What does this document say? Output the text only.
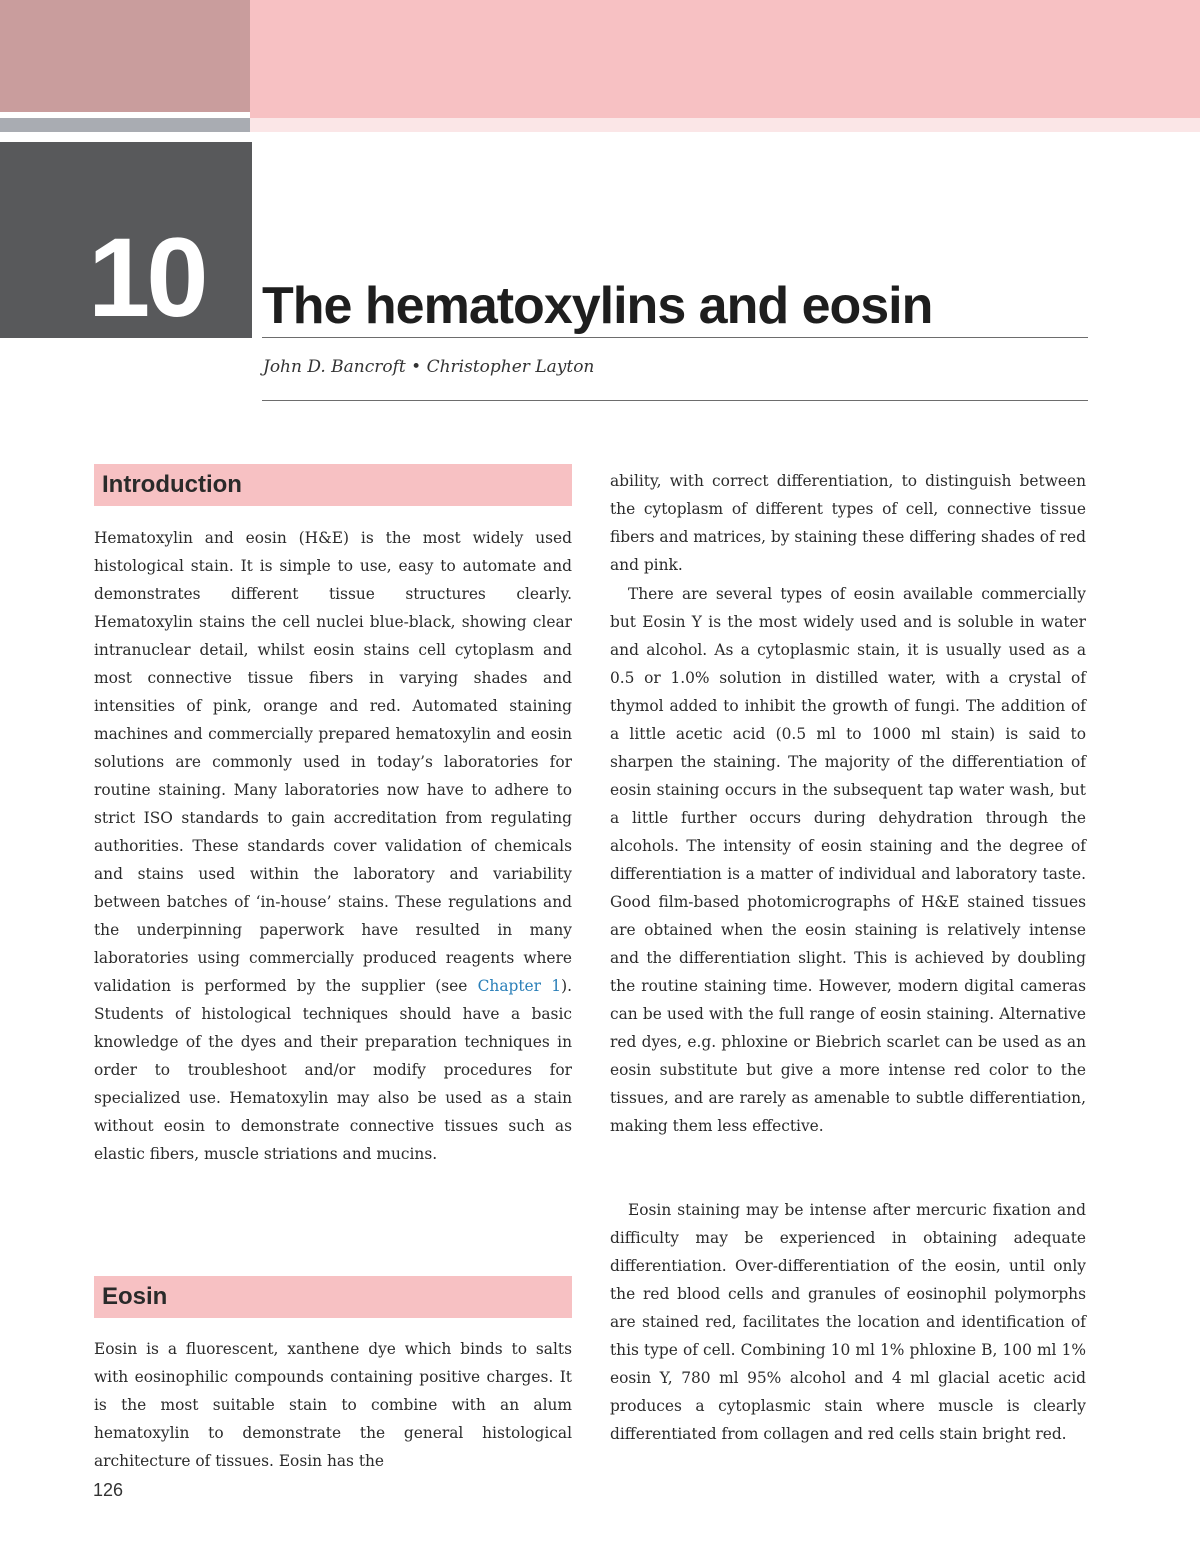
10	The hematoxylins and eosin
John D. Bancroft • Christopher Layton
Introduction

Hematoxylin and eosin (H&E) is the most widely used histological stain. It is simple to use, easy to automate and demonstrates different tissue structures clearly. Hematoxylin stains the cell nuclei blue-black, showing clear intranuclear detail, whilst eosin stains cell cytoplasm and most connective tissue fibers in varying shades and intensities of pink, orange and red. Automated staining machines and commercially prepared hematoxylin and eosin solutions are commonly used in today’s laboratories for routine staining. Many laboratories now have to adhere to strict ISO standards to gain accreditation from regulating authorities. These standards cover validation of chemicals and stains used within the laboratory and variability between batches of ‘in-house’ stains. These regulations and the underpinning paperwork have resulted in many laboratories using commercially produced reagents where validation is performed by the supplier (see Chapter 1). Students of histological techniques should have a basic knowledge of the dyes and their preparation techniques in order to troubleshoot and/or modify procedures for specialized use. Hematoxylin may also be used as a stain without eosin to demonstrate connective tissues such as elastic fibers, muscle striations and mucins.

Eosin

Eosin is a fluorescent, xanthene dye which binds to salts with eosinophilic compounds containing positive charges. It is the most suitable stain to combine with an alum hematoxylin to demonstrate the general histological architecture of tissues. Eosin has the

126

ability, with correct differentiation, to distinguish between the cytoplasm of different types of cell, connective tissue fibers and matrices, by staining these differing shades of red and pink.

There are several types of eosin available commercially but Eosin Y is the most widely used and is soluble in water and alcohol. As a cytoplasmic stain, it is usually used as a 0.5 or 1.0% solution in distilled water, with a crystal of thymol added to inhibit the growth of fungi. The addition of a little acetic acid (0.5 ml to 1000 ml stain) is said to sharpen the staining. The majority of the differentiation of eosin staining occurs in the subsequent tap water wash, but a little further occurs during dehydration through the alcohols. The intensity of eosin staining and the degree of differentiation is a matter of individual and laboratory taste. Good film-based photomicrographs of H&E stained tissues are obtained when the eosin staining is relatively intense and the differentiation slight. This is achieved by doubling the routine staining time. However, modern digital cameras can be used with the full range of eosin staining. Alternative red dyes, e.g. phloxine or Biebrich scarlet can be used as an eosin substitute but give a more intense red color to the tissues, and are rarely as amenable to subtle differentiation, making them less effective.

Eosin staining may be intense after mercuric fixation and difficulty may be experienced in obtaining adequate differentiation. Over-differentiation of the eosin, until only the red blood cells and granules of eosinophil polymorphs are stained red, facilitates the location and identification of this type of cell. Combining 10 ml 1% phloxine B, 100 ml 1% eosin Y, 780 ml 95% alcohol and 4 ml glacial acetic acid produces a cytoplasmic stain where muscle is clearly differentiated from collagen and red cells stain bright red.
